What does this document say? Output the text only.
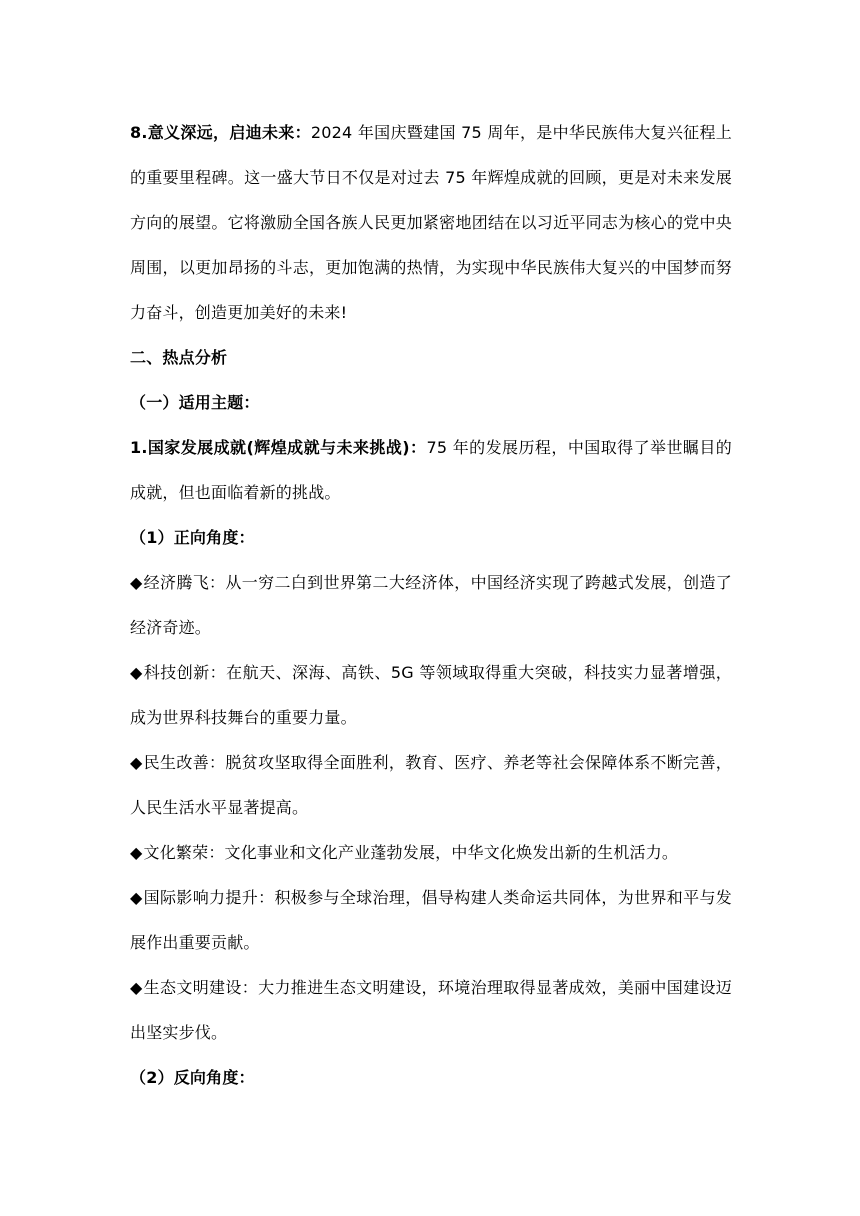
8.意义深远，启迪未来：2024 年国庆暨建国 75 周年，是中华民族伟大复兴征程上的重要里程碑。这一盛大节日不仅是对过去 75 年辉煌成就的回顾，更是对未来发展方向的展望。它将激励全国各族人民更加紧密地团结在以习近平同志为核心的党中央周围，以更加昂扬的斗志，更加饱满的热情，为实现中华民族伟大复兴的中国梦而努力奋斗，创造更加美好的未来!

二、热点分析

（一）适用主题：

1.国家发展成就(辉煌成就与未来挑战)：75 年的发展历程，中国取得了举世瞩目的成就，但也面临着新的挑战。

（1）正向角度：

◆经济腾飞：从一穷二白到世界第二大经济体，中国经济实现了跨越式发展，创造了经济奇迹。

◆科技创新：在航天、深海、高铁、5G 等领域取得重大突破，科技实力显著增强，成为世界科技舞台的重要力量。

◆民生改善：脱贫攻坚取得全面胜利，教育、医疗、养老等社会保障体系不断完善，人民生活水平显著提高。

◆文化繁荣：文化事业和文化产业蓬勃发展，中华文化焕发出新的生机活力。

◆国际影响力提升：积极参与全球治理，倡导构建人类命运共同体，为世界和平与发展作出重要贡献。

◆生态文明建设：大力推进生态文明建设，环境治理取得显著成效，美丽中国建设迈出坚实步伐。

（2）反向角度：
